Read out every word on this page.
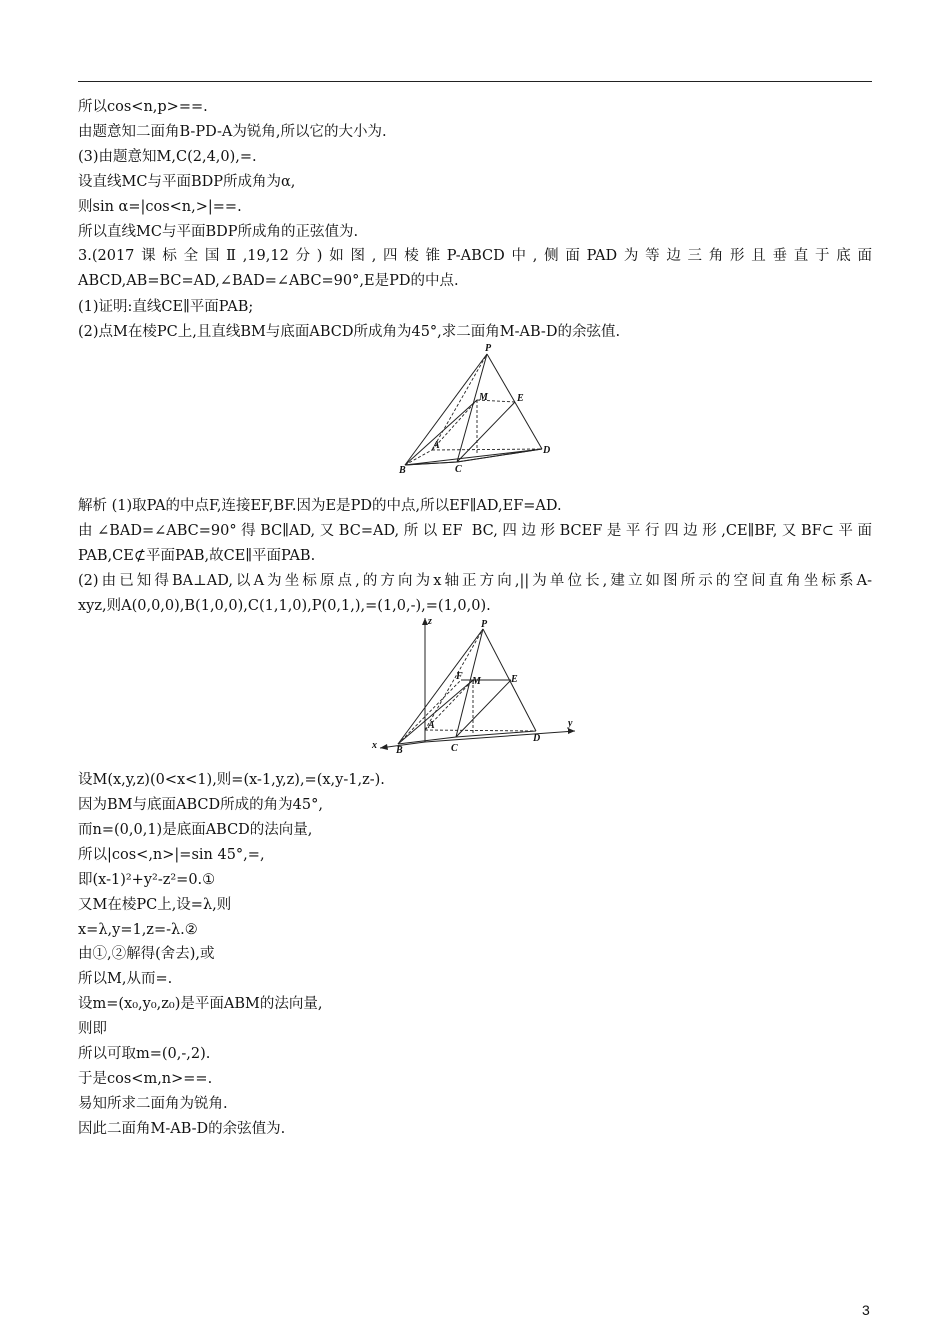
所以cos<n,p>==.
由题意知二面角B-PD-A为锐角,所以它的大小为.
(3)由题意知M,C(2,4,0),=.
设直线MC与平面BDP所成角为α,
则sin α=|cos<n,>|==.
所以直线MC与平面BDP所成角的正弦值为.
3.(2017课标全国Ⅱ,19,12分)如图,四棱锥P-ABCD中,侧面PAD为等边三角形且垂直于底面
ABCD,AB=BC=AD,∠BAD=∠ABC=90°,E是PD的中点.
(1)证明:直线CE∥平面PAB;
(2)点M在棱PC上,且直线BM与底面ABCD所成角为45°,求二面角M-AB-D的余弦值.
P
M	E
A
B	C
D
解析 (1)取PA的中点F,连接EF,BF.因为E是PD的中点,所以EF∥AD,EF=AD.
由∠BAD=∠ABC=90°得BC∥AD,又BC=AD,所以EF BC,四边形BCEF是平行四边形,CE∥BF,又BF⊂平面
PAB,CE⊄平面PAB,故CE∥平面PAB.
(2)由已知得BA⊥AD,以A为坐标原点,的方向为x轴正方向,||为单位长,建立如图所示的空间直角坐标系A-
xyz,则A(0,0,0),B(1,0,0),C(1,1,0),P(0,1,),=(1,0,-),=(1,0,0).
z	P
F M	E
A	y
x B	C
D
设M(x,y,z)(0<x<1),则=(x-1,y,z),=(x,y-1,z-).
因为BM与底面ABCD所成的角为45°,
而n=(0,0,1)是底面ABCD的法向量,
所以|cos<,n>|=sin 45°,=,
即(x-1)²+y²-z²=0.①
又M在棱PC上,设=λ,则
x=λ,y=1,z=-λ.②
由①,②解得(舍去),或
所以M,从而=.
设m=(x₀,y₀,z₀)是平面ABM的法向量,
则即
所以可取m=(0,-,2).
于是cos<m,n>==.
易知所求二面角为锐角.
因此二面角M-AB-D的余弦值为.
3
